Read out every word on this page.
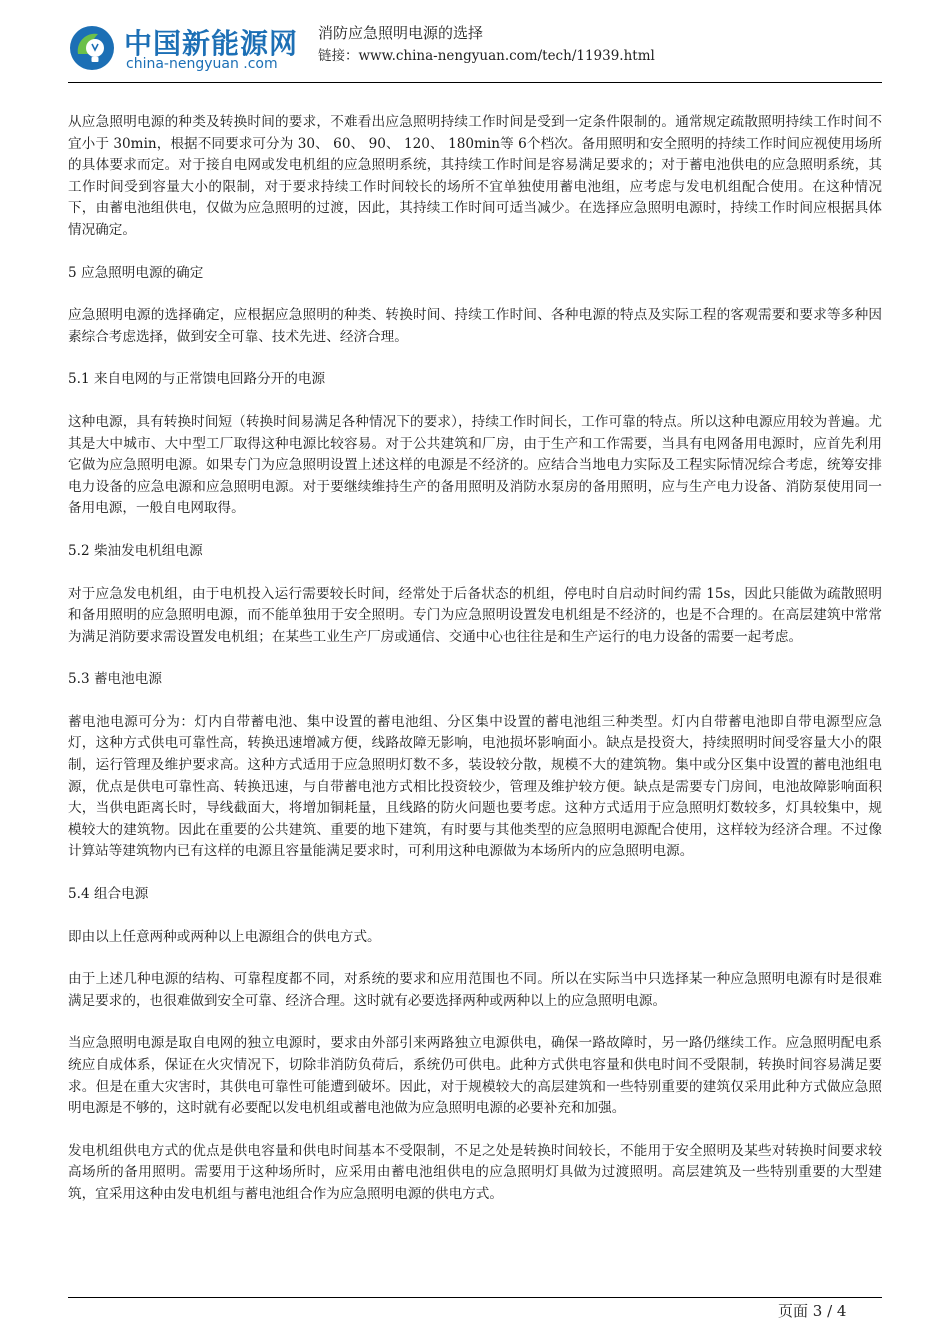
中国新能源网
china-nengyuan .com
消防应急照明电源的选择
链接：www.china-nengyuan.com/tech/11939.html

从应急照明电源的种类及转换时间的要求，不难看出应急照明持续工作时间是受到一定条件限制的。通常规定疏散照明持续工作时间不宜小于 30min，根据不同要求可分为 30、 60、 90、 120、 180min等 6个档次。备用照明和安全照明的持续工作时间应视使用场所的具体要求而定。对于接自电网或发电机组的应急照明系统，其持续工作时间是容易满足要求的；对于蓄电池供电的应急照明系统，其工作时间受到容量大小的限制，对于要求持续工作时间较长的场所不宜单独使用蓄电池组，应考虑与发电机组配合使用。在这种情况下，由蓄电池组供电，仅做为应急照明的过渡，因此，其持续工作时间可适当减少。在选择应急照明电源时，持续工作时间应根据具体情况确定。

5 应急照明电源的确定

应急照明电源的选择确定，应根据应急照明的种类、转换时间、持续工作时间、各种电源的特点及实际工程的客观需要和要求等多种因素综合考虑选择，做到安全可靠、技术先进、经济合理。

5.1 来自电网的与正常馈电回路分开的电源

这种电源，具有转换时间短（转换时间易满足各种情况下的要求），持续工作时间长，工作可靠的特点。所以这种电源应用较为普遍。尤其是大中城市、大中型工厂取得这种电源比较容易。对于公共建筑和厂房，由于生产和工作需要，当具有电网备用电源时，应首先利用它做为应急照明电源。如果专门为应急照明设置上述这样的电源是不经济的。应结合当地电力实际及工程实际情况综合考虑，统筹安排电力设备的应急电源和应急照明电源。对于要继续维持生产的备用照明及消防水泵房的备用照明，应与生产电力设备、消防泵使用同一备用电源，一般自电网取得。

5.2 柴油发电机组电源

对于应急发电机组，由于电机投入运行需要较长时间，经常处于后备状态的机组，停电时自启动时间约需 15s，因此只能做为疏散照明和备用照明的应急照明电源，而不能单独用于安全照明。专门为应急照明设置发电机组是不经济的，也是不合理的。在高层建筑中常常为满足消防要求需设置发电机组；在某些工业生产厂房或通信、交通中心也往往是和生产运行的电力设备的需要一起考虑。

5.3 蓄电池电源

蓄电池电源可分为：灯内自带蓄电池、集中设置的蓄电池组、分区集中设置的蓄电池组三种类型。灯内自带蓄电池即自带电源型应急灯，这种方式供电可靠性高，转换迅速增减方便，线路故障无影响，电池损坏影响面小。缺点是投资大，持续照明时间受容量大小的限制，运行管理及维护要求高。这种方式适用于应急照明灯数不多，装设较分散，规模不大的建筑物。集中或分区集中设置的蓄电池组电源，优点是供电可靠性高、转换迅速，与自带蓄电池方式相比投资较少，管理及维护较方便。缺点是需要专门房间，电池故障影响面积大，当供电距离长时，导线截面大，将增加铜耗量，且线路的防火问题也要考虑。这种方式适用于应急照明灯数较多，灯具较集中，规模较大的建筑物。因此在重要的公共建筑、重要的地下建筑，有时要与其他类型的应急照明电源配合使用，这样较为经济合理。不过像计算站等建筑物内已有这样的电源且容量能满足要求时，可利用这种电源做为本场所内的应急照明电源。

5.4 组合电源

即由以上任意两种或两种以上电源组合的供电方式。

由于上述几种电源的结构、可靠程度都不同，对系统的要求和应用范围也不同。所以在实际当中只选择某一种应急照明电源有时是很难满足要求的，也很难做到安全可靠、经济合理。这时就有必要选择两种或两种以上的应急照明电源。

当应急照明电源是取自电网的独立电源时，要求由外部引来两路独立电源供电，确保一路故障时，另一路仍继续工作。应急照明配电系统应自成体系，保证在火灾情况下，切除非消防负荷后，系统仍可供电。此种方式供电容量和供电时间不受限制，转换时间容易满足要求。但是在重大灾害时，其供电可靠性可能遭到破坏。因此，对于规模较大的高层建筑和一些特别重要的建筑仅采用此种方式做应急照明电源是不够的，这时就有必要配以发电机组或蓄电池做为应急照明电源的必要补充和加强。

发电机组供电方式的优点是供电容量和供电时间基本不受限制，不足之处是转换时间较长，不能用于安全照明及某些对转换时间要求较高场所的备用照明。需要用于这种场所时，应采用由蓄电池组供电的应急照明灯具做为过渡照明。高层建筑及一些特别重要的大型建筑，宜采用这种由发电机组与蓄电池组合作为应急照明电源的供电方式。

页面 3 / 4
